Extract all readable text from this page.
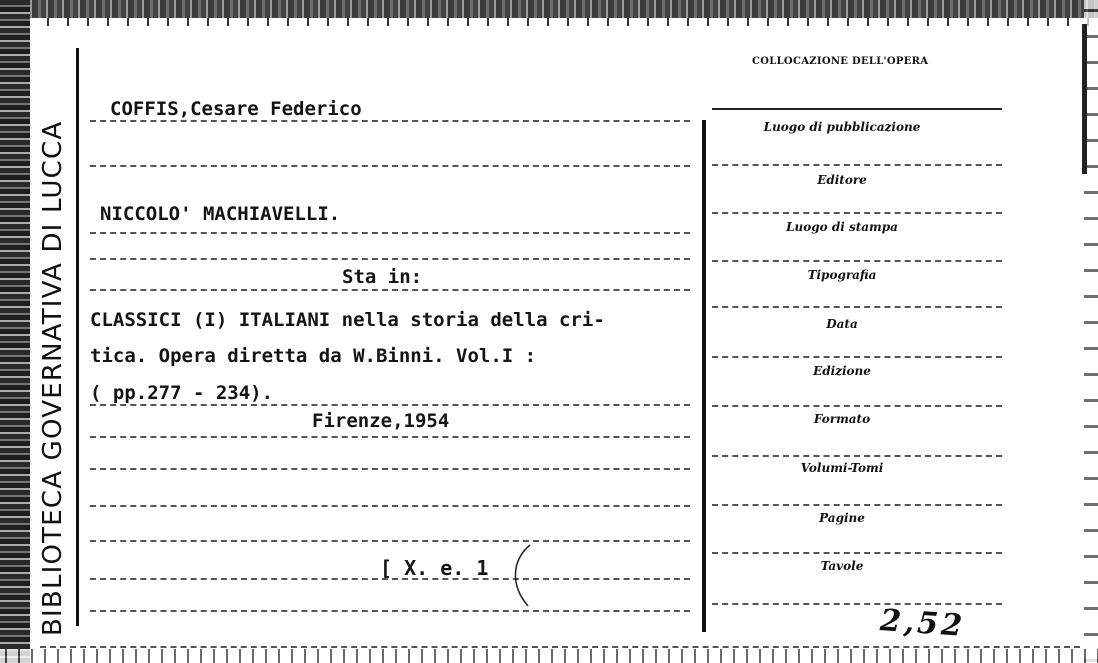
BIBLIOTECA GOVERNATIVA DI LUCCA
COFFIS,Cesare Federico
NICCOLO' MACHIAVELLI.
Sta in:
CLASSICI (I) ITALIANI nella storia della cri-
tica. Opera diretta da W.Binni. Vol.I :
( pp.277 - 234).
Firenze,1954
[ X. e. 1
COLLOCAZIONE DELL'OPERA
Luogo di pubblicazione
Editore
Luogo di stampa
Tipografia
Data
Edizione
Formato
Volumi-Tomi
Pagine
Tavole
2,52
